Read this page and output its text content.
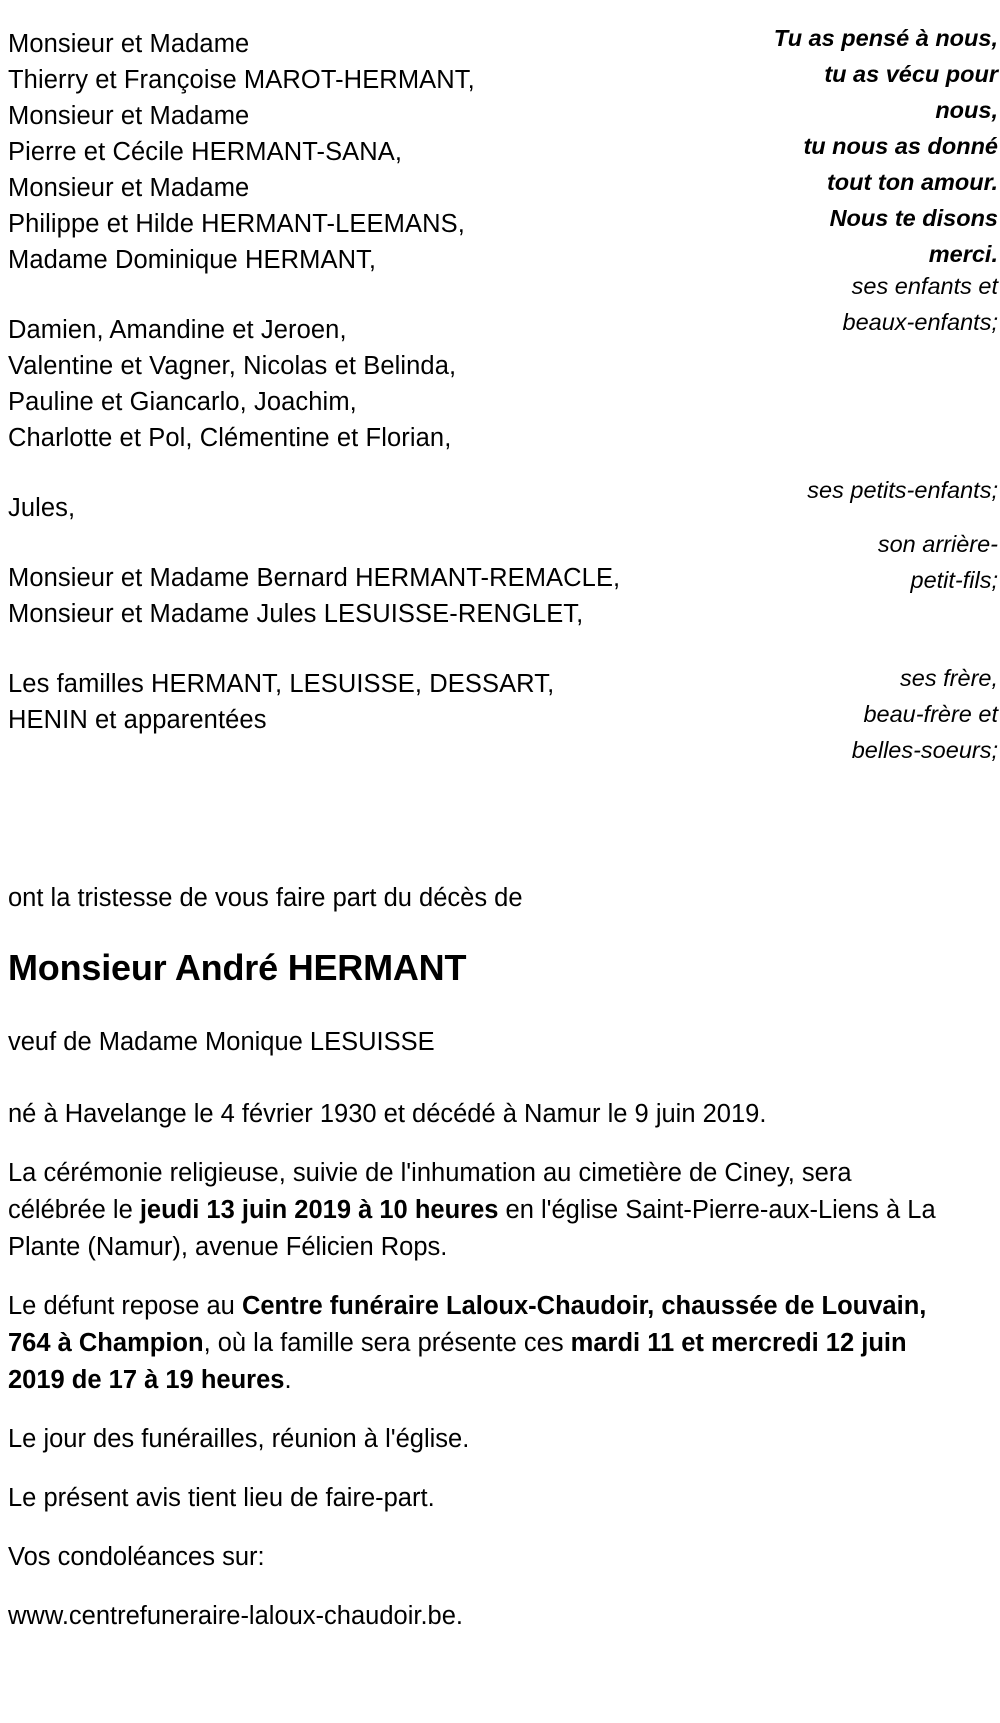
Monsieur et Madame
Thierry et Françoise MAROT-HERMANT,
Monsieur et Madame
Pierre et Cécile HERMANT-SANA,
Monsieur et Madame
Philippe et Hilde HERMANT-LEEMANS,
Madame Dominique HERMANT,
Damien, Amandine et Jeroen,
Valentine et Vagner, Nicolas et Belinda,
Pauline et Giancarlo, Joachim,
Charlotte et Pol, Clémentine et Florian,
Jules,
Monsieur et Madame Bernard HERMANT-REMACLE,
Monsieur et Madame Jules LESUISSE-RENGLET,
Les familles HERMANT, LESUISSE, DESSART,
HENIN et apparentées
Tu as pensé à nous,
tu as vécu pour
nous,
tu nous as donné
tout ton amour.
Nous te disons
merci.
ses enfants et
beaux-enfants;
ses petits-enfants;
son arrière-
petit-fils;
ses frère,
beau-frère et
belles-soeurs;
ont la tristesse de vous faire part du décès de
Monsieur André HERMANT
veuf de Madame Monique LESUISSE
né à Havelange le 4 février 1930 et décédé à Namur le 9 juin 2019.
La cérémonie religieuse, suivie de l'inhumation au cimetière de Ciney, sera célébrée le jeudi 13 juin 2019 à 10 heures en l'église Saint-Pierre-aux-Liens à La Plante (Namur), avenue Félicien Rops.
Le défunt repose au Centre funéraire Laloux-Chaudoir, chaussée de Louvain, 764 à Champion, où la famille sera présente ces mardi 11 et mercredi 12 juin 2019 de 17 à 19 heures.
Le jour des funérailles, réunion à l'église.
Le présent avis tient lieu de faire-part.
Vos condoléances sur:
www.centrefuneraire-laloux-chaudoir.be.
